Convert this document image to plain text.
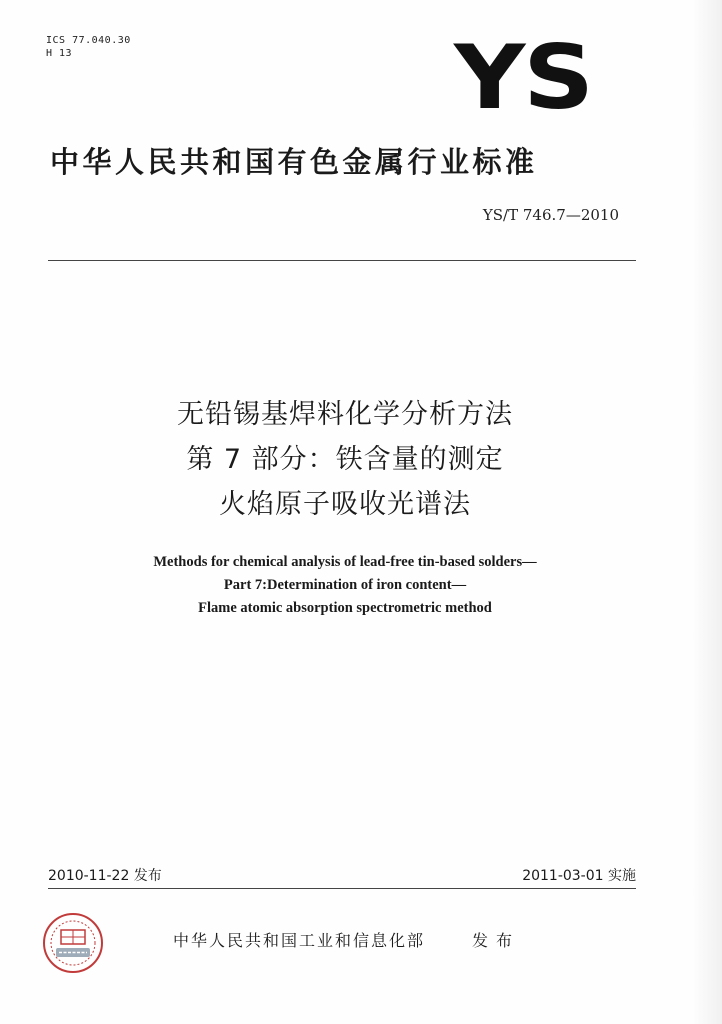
ICS 77.040.30
H 13	YS
中华人民共和国有色金属行业标准
YS/T 746.7—2010
无铅锡基焊料化学分析方法
第 7 部分：铁含量的测定
火焰原子吸收光谱法
Methods for chemical analysis of lead-free tin-based solders—
Part 7:Determination of iron content—
Flame atomic absorption spectrometric method
2010-11-22 发布	2011-03-01 实施
中华人民共和国工业和信息化部	发布
